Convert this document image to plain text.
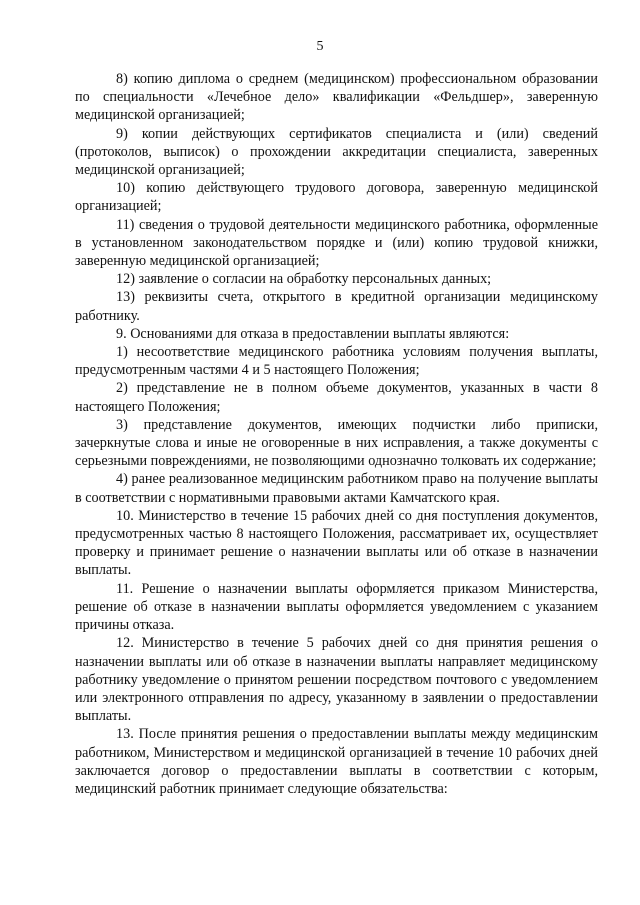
5

8) копию диплома о среднем (медицинском) профессиональном образовании по специальности «Лечебное дело» квалификации «Фельдшер», заверенную медицинской организацией;

9) копии действующих сертификатов специалиста и (или) сведений (протоколов, выписок) о прохождении аккредитации специалиста, заверенных медицинской организацией;

10) копию действующего трудового договора, заверенную медицинской организацией;

11) сведения о трудовой деятельности медицинского работника, оформленные в установленном законодательством порядке и (или) копию трудовой книжки, заверенную медицинской организацией;

12) заявление о согласии на обработку персональных данных;

13) реквизиты счета, открытого в кредитной организации медицинскому работнику.

9. Основаниями для отказа в предоставлении выплаты являются:

1) несоответствие медицинского работника условиям получения выплаты, предусмотренным частями 4 и 5 настоящего Положения;

2) представление не в полном объеме документов, указанных в части 8 настоящего Положения;

3) представление документов, имеющих подчистки либо приписки, зачеркнутые слова и иные не оговоренные в них исправления, а также документы с серьезными повреждениями, не позволяющими однозначно толковать их содержание;

4) ранее реализованное медицинским работником право на получение выплаты в соответствии с нормативными правовыми актами Камчатского края.

10. Министерство в течение 15 рабочих дней со дня поступления документов, предусмотренных частью 8 настоящего Положения, рассматривает их, осуществляет проверку и принимает решение о назначении выплаты или об отказе в назначении выплаты.

11. Решение о назначении выплаты оформляется приказом Министерства, решение об отказе в назначении выплаты оформляется уведомлением с указанием причины отказа.

12. Министерство в течение 5 рабочих дней со дня принятия решения о назначении выплаты или об отказе в назначении выплаты направляет медицинскому работнику уведомление о принятом решении посредством почтового с уведомлением или электронного отправления по адресу, указанному в заявлении о предоставлении выплаты.

13. После принятия решения о предоставлении выплаты между медицинским работником, Министерством и медицинской организацией в течение 10 рабочих дней заключается договор о предоставлении выплаты в соответствии с которым, медицинский работник принимает следующие обязательства:
